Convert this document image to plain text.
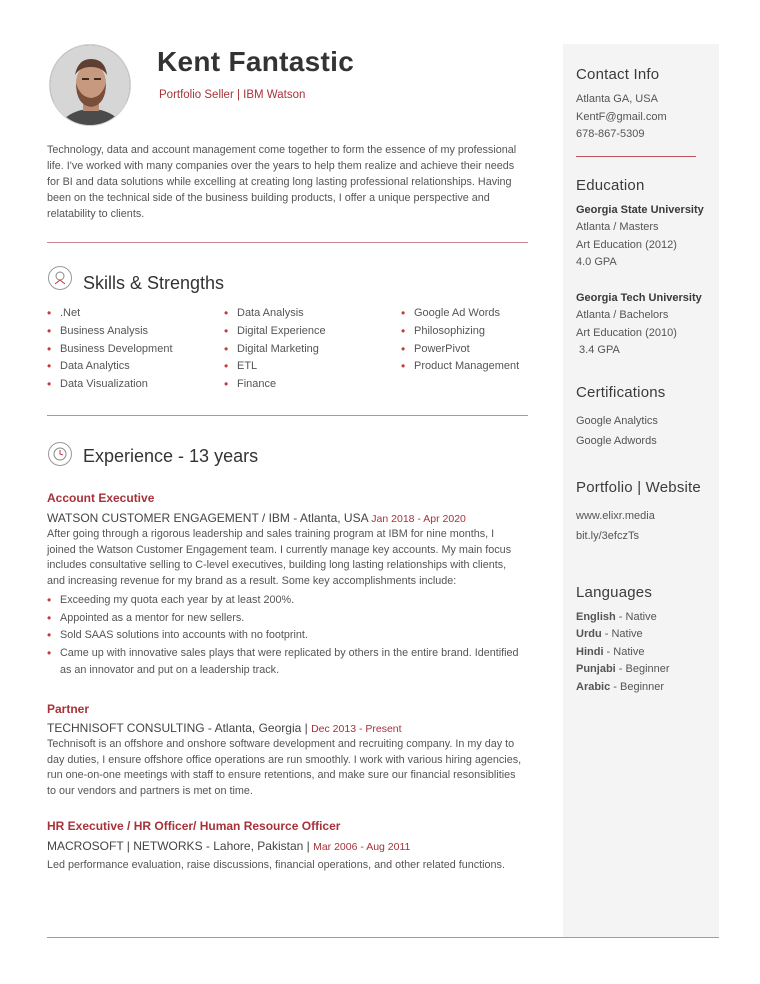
Kent Fantastic
Portfolio Seller | IBM Watson
Technology, data and account management come together to form the essence of my professional life. I've worked with many companies over the years to help them realize and achieve their needs for BI and data solutions while excelling at creating long lasting professional relationships. Having been on the technical side of the business building products, I offer a unique perspective and relatability to clients.
Skills & Strengths
• .Net
• Business Analysis
• Business Development
• Data Analytics
• Data Visualization
• Data Analysis
• Digital Experience
• Digital Marketing
• ETL
• Finance
• Google Ad Words
• Philosophizing
• PowerPivot
• Product Management
Experience - 13 years
Account Executive
WATSON CUSTOMER ENGAGEMENT / IBM - Atlanta, USA Jan 2018 - Apr 2020
After going through a rigorous leadership and sales training program at IBM for nine months, I joined the Watson Customer Engagement team. I currently manage key accounts. My main focus includes consultative selling to C-level executives, building long lasting relationships with clients, and increasing revenue for my brand as a result. Some key accomplishments include:
• Exceeding my quota each year by at least 200%.
• Appointed as a mentor for new sellers.
• Sold SAAS solutions into accounts with no footprint.
• Came up with innovative sales plays that were replicated by others in the entire brand. Identified as an innovator and put on a leadership track.
Partner
TECHNISOFT CONSULTING - Atlanta, Georgia | Dec 2013 - Present
Technisoft is an offshore and onshore software development and recruiting company. In my day to day duties, I ensure offshore office operations are run smoothly. I work with various hiring agencies, run one-on-one meetings with staff to ensure retentions, and make sure our financial resonsiblities to our vendors and partners is met on time.
HR Executive / HR Officer/ Human Resource Officer
MACROSOFT | NETWORKS - Lahore, Pakistan | Mar 2006 - Aug 2011
Led performance evaluation, raise discussions, financial operations, and other related functions.
Contact Info
Atlanta GA, USA
KentF@gmail.com
678-867-5309
Education
Georgia State University
Atlanta / Masters
Art Education (2012)
4.0 GPA
Georgia Tech University
Atlanta / Bachelors
Art Education (2010)
3.4 GPA
Certifications
Google Analytics
Google Adwords
Portfolio | Website
www.elixr.media
bit.ly/3efczTs
Languages
English - Native
Urdu - Native
Hindi - Native
Punjabi - Beginner
Arabic - Beginner
